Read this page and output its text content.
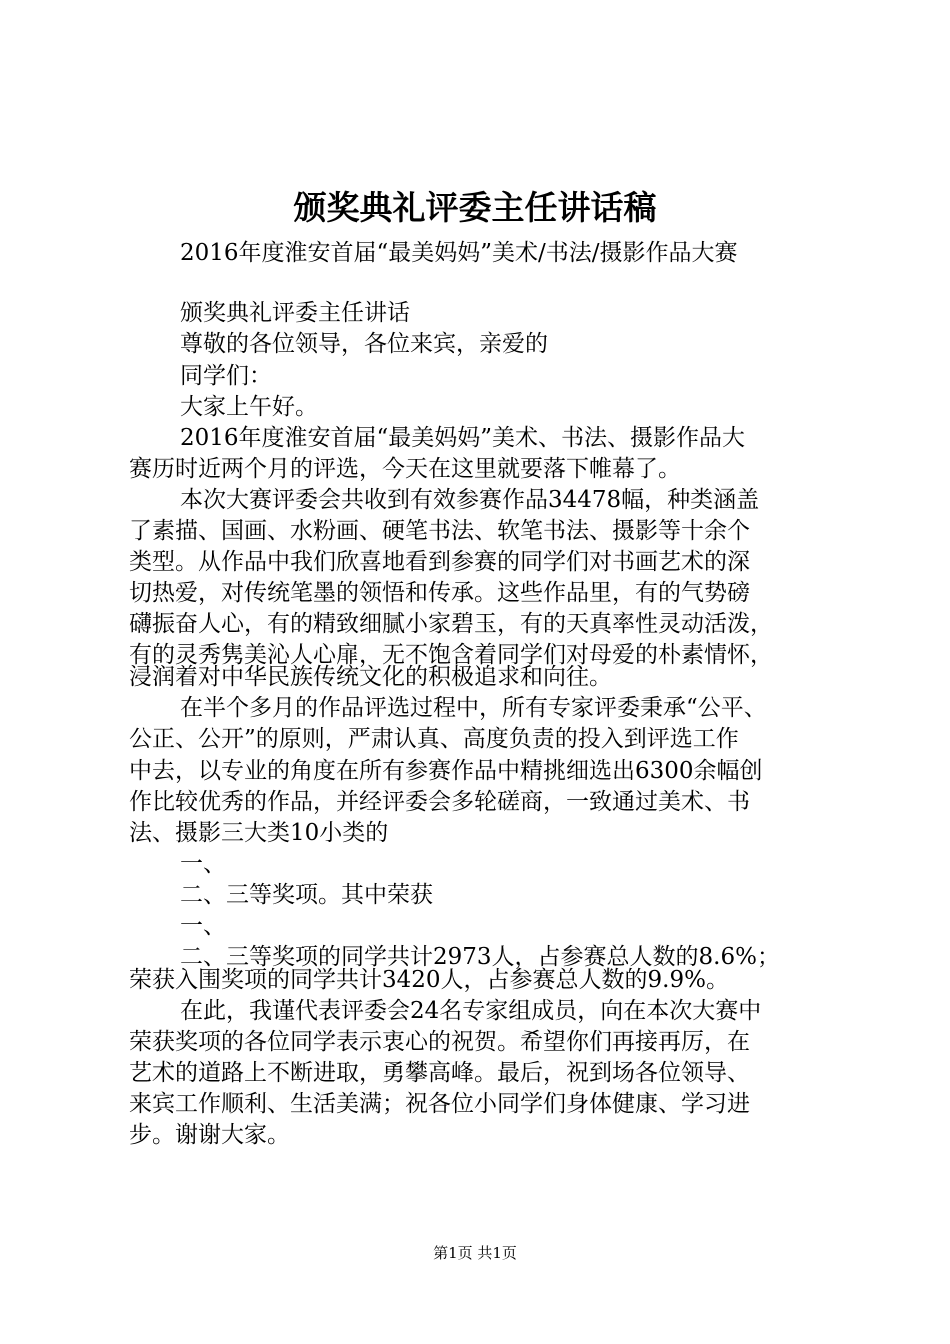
颁奖典礼评委主任讲话稿
2016年度淮安首届“最美妈妈”美术/书法/摄影作品大赛
颁奖典礼评委主任讲话
尊敬的各位领导，各位来宾，亲爱的
同学们：
大家上午好。
2016年度淮安首届“最美妈妈”美术、书法、摄影作品大
赛历时近两个月的评选，今天在这里就要落下帷幕了。
本次大赛评委会共收到有效参赛作品34478幅，种类涵盖
了素描、国画、水粉画、硬笔书法、软笔书法、摄影等十余个
类型。从作品中我们欣喜地看到参赛的同学们对书画艺术的深
切热爱，对传统笔墨的领悟和传承。这些作品里，有的气势磅
礴振奋人心，有的精致细腻小家碧玉，有的天真率性灵动活泼，
有的灵秀隽美沁人心扉，无不饱含着同学们对母爱的朴素情怀，
浸润着对中华民族传统文化的积极追求和向往。
在半个多月的作品评选过程中，所有专家评委秉承“公平、
公正、公开”的原则，严肃认真、高度负责的投入到评选工作
中去，以专业的角度在所有参赛作品中精挑细选出6300余幅创
作比较优秀的作品，并经评委会多轮磋商，一致通过美术、书
法、摄影三大类10小类的
一、
二、三等奖项。其中荣获
一、
二、三等奖项的同学共计2973人，占参赛总人数的8.6%；
荣获入围奖项的同学共计3420人，占参赛总人数的9.9%。
在此，我谨代表评委会24名专家组成员，向在本次大赛中
荣获奖项的各位同学表示衷心的祝贺。希望你们再接再厉，在
艺术的道路上不断进取，勇攀高峰。最后，祝到场各位领导、
来宾工作顺利、生活美满；祝各位小同学们身体健康、学习进
步。谢谢大家。
第1页 共1页
